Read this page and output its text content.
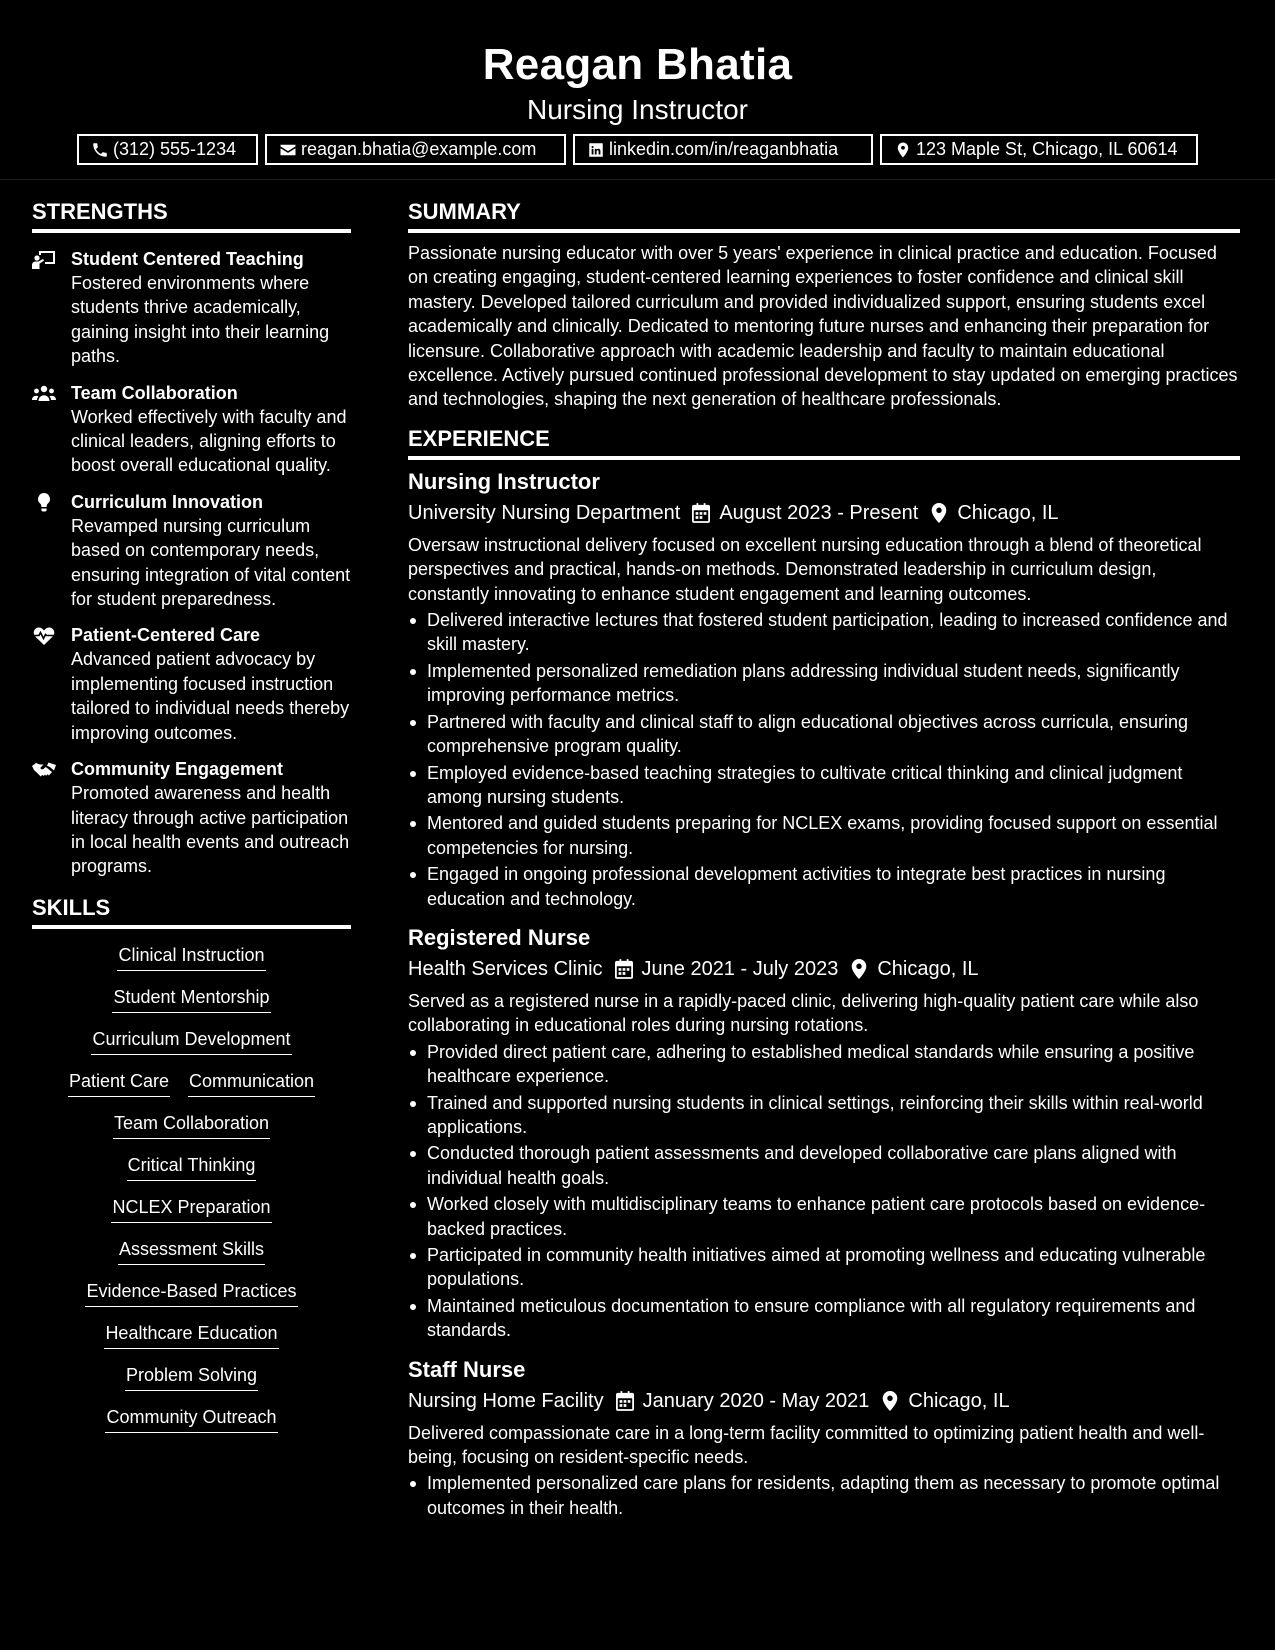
Reagan Bhatia
Nursing Instructor
(312) 555-1234	reagan.bhatia@example.com	linkedin.com/in/reaganbhatia	123 Maple St, Chicago, IL 60614
STRENGTHS
Student Centered Teaching
Fostered environments where students thrive academically, gaining insight into their learning paths.
Team Collaboration
Worked effectively with faculty and clinical leaders, aligning efforts to boost overall educational quality.
Curriculum Innovation
Revamped nursing curriculum based on contemporary needs, ensuring integration of vital content for student preparedness.
Patient-Centered Care
Advanced patient advocacy by implementing focused instruction tailored to individual needs thereby improving outcomes.
Community Engagement
Promoted awareness and health literacy through active participation in local health events and outreach programs.
SKILLS
Clinical Instruction
Student Mentorship
Curriculum Development
Patient Care Communication
Team Collaboration
Critical Thinking
NCLEX Preparation
Assessment Skills
Evidence-Based Practices
Healthcare Education
Problem Solving
Community Outreach
SUMMARY

Passionate nursing educator with over 5 years' experience in clinical practice and education. Focused on creating engaging, student-centered learning experiences to foster confidence and clinical skill mastery. Developed tailored curriculum and provided individualized support, ensuring students excel academically and clinically. Dedicated to mentoring future nurses and enhancing their preparation for licensure. Collaborative approach with academic leadership and faculty to maintain educational excellence. Actively pursued continued professional development to stay updated on emerging practices and technologies, shaping the next generation of healthcare professionals.

EXPERIENCE
Nursing Instructor
University Nursing Department August 2023 - Present Chicago, IL

Oversaw instructional delivery focused on excellent nursing education through a blend of theoretical perspectives and practical, hands-on methods. Demonstrated leadership in curriculum design, constantly innovating to enhance student engagement and learning outcomes.

Delivered interactive lectures that fostered student participation, leading to increased confidence and skill mastery.
Implemented personalized remediation plans addressing individual student needs, significantly improving performance metrics.
Partnered with faculty and clinical staff to align educational objectives across curricula, ensuring comprehensive program quality.
Employed evidence-based teaching strategies to cultivate critical thinking and clinical judgment among nursing students.
Mentored and guided students preparing for NCLEX exams, providing focused support on essential competencies for nursing.
Engaged in ongoing professional development activities to integrate best practices in nursing education and technology.
Registered Nurse
Health Services Clinic June 2021 - July 2023 Chicago, IL

Served as a registered nurse in a rapidly-paced clinic, delivering high-quality patient care while also collaborating in educational roles during nursing rotations.

Provided direct patient care, adhering to established medical standards while ensuring a positive healthcare experience.
Trained and supported nursing students in clinical settings, reinforcing their skills within real-world applications.
Conducted thorough patient assessments and developed collaborative care plans aligned with individual health goals.
Worked closely with multidisciplinary teams to enhance patient care protocols based on evidence-backed practices.
Participated in community health initiatives aimed at promoting wellness and educating vulnerable populations.
Maintained meticulous documentation to ensure compliance with all regulatory requirements and standards.
Staff Nurse
Nursing Home Facility January 2020 - May 2021 Chicago, IL

Delivered compassionate care in a long-term facility committed to optimizing patient health and well-being, focusing on resident-specific needs.

Implemented personalized care plans for residents, adapting them as necessary to promote optimal outcomes in their health.
